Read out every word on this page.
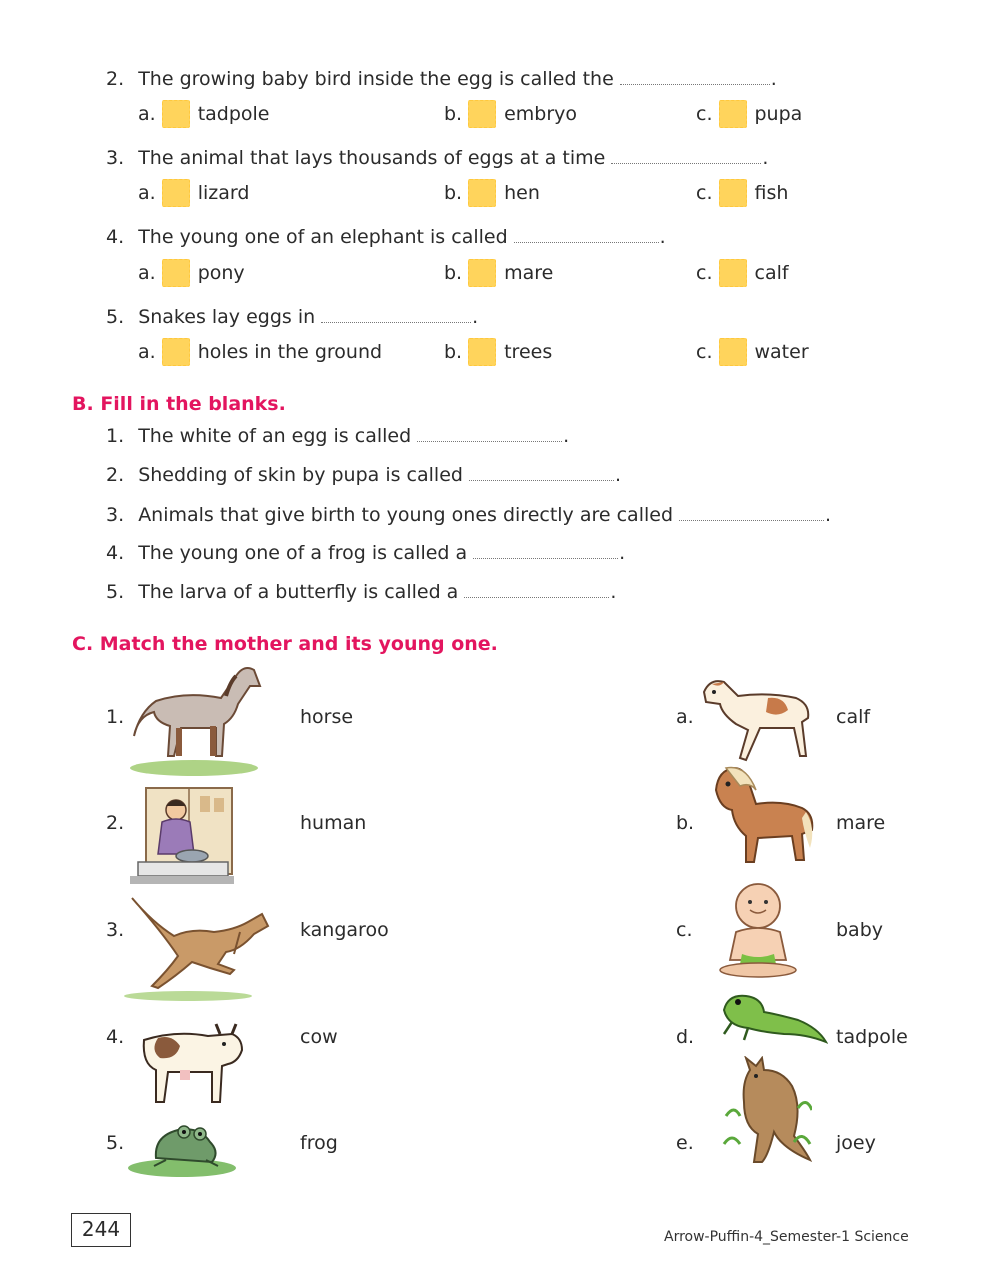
2. The growing baby bird inside the egg is called the	.
a. tadpole	b. embryo	c. pupa
3. The animal that lays thousands of eggs at a time	.
a. lizard	b. hen	c. fish
4. The young one of an elephant is called	.
a. pony	b. mare	c. calf
5. Snakes lay eggs in	.
a. holes in the ground	b. trees	c. water
B. Fill in the blanks.
1. The white of an egg is called	.
2. Shedding of skin by pupa is called	.
3. Animals that give birth to young ones directly are called	.
4. The young one of a frog is called a	.
5. The larva of a butterfly is called a	.
C. Match the mother and its young one.
1.	horse
2.	human
3.	kangaroo
4.	cow
5.	frog
a.	calf
b.	mare
c.	baby
d.	tadpole
e.	joey
244	Arrow-Puffin-4_Semester-1 Science
